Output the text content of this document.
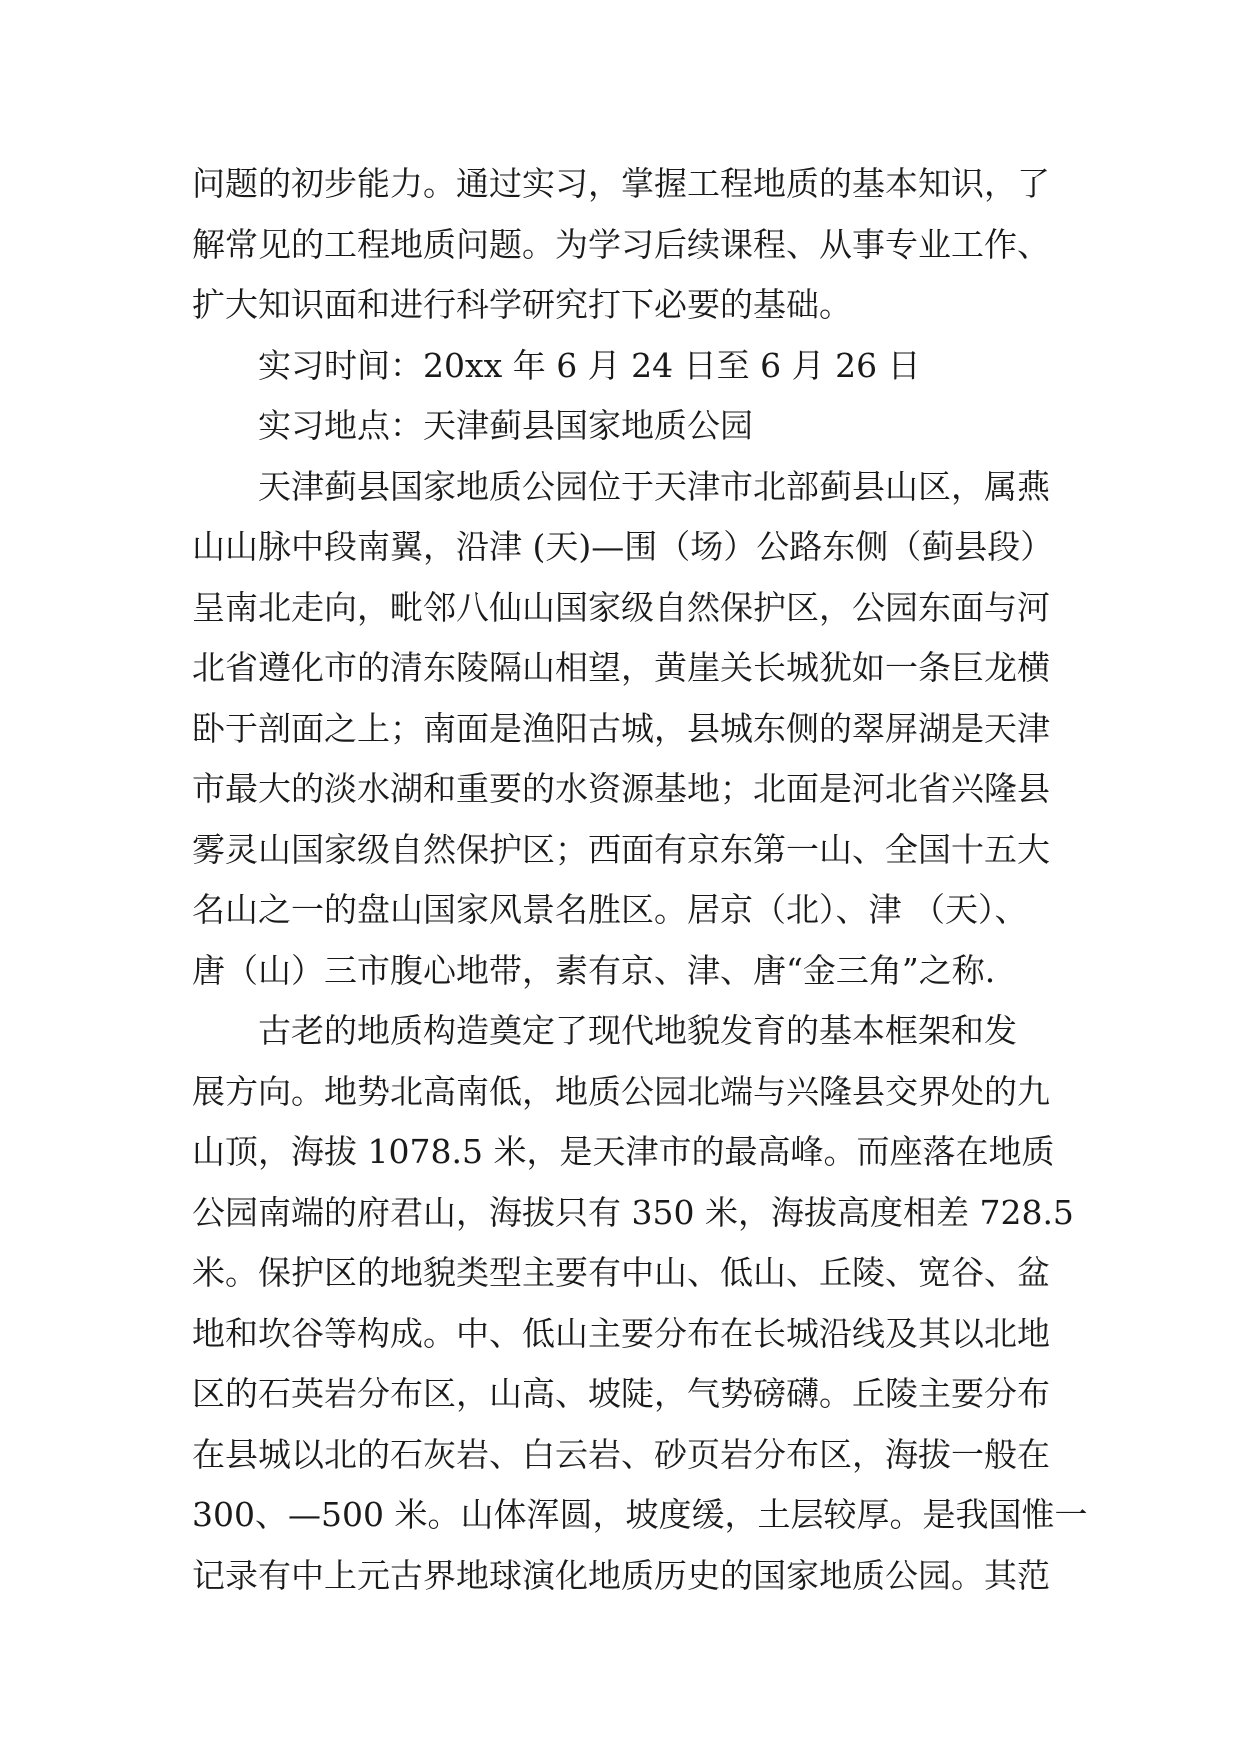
问题的初步能力。通过实习，掌握工程地质的基本知识，了
解常见的工程地质问题。为学习后续课程、从事专业工作、
扩大知识面和进行科学研究打下必要的基础。
实习时间：20xx 年 6 月 24 日至 6 月 26 日
实习地点：天津蓟县国家地质公园
天津蓟县国家地质公园位于天津市北部蓟县山区，属燕
山山脉中段南翼，沿津 (天)—围（场）公路东侧（蓟县段）
呈南北走向，毗邻八仙山国家级自然保护区，公园东面与河
北省遵化市的清东陵隔山相望，黄崖关长城犹如一条巨龙横
卧于剖面之上；南面是渔阳古城，县城东侧的翠屏湖是天津
市最大的淡水湖和重要的水资源基地；北面是河北省兴隆县
雾灵山国家级自然保护区；西面有京东第一山、全国十五大
名山之一的盘山国家风景名胜区。居京（北）、津 （天）、
唐（山）三市腹心地带，素有京、津、唐“金三角”之称.
古老的地质构造奠定了现代地貌发育的基本框架和发
展方向。地势北高南低，地质公园北端与兴隆县交界处的九
山顶，海拔 1078.5 米，是天津市的最高峰。而座落在地质
公园南端的府君山，海拔只有 350 米，海拔高度相差 728.5
米。保护区的地貌类型主要有中山、低山、丘陵、宽谷、盆
地和坎谷等构成。中、低山主要分布在长城沿线及其以北地
区的石英岩分布区，山高、坡陡，气势磅礴。丘陵主要分布
在县城以北的石灰岩、白云岩、砂页岩分布区，海拔一般在
300、—500 米。山体浑圆，坡度缓，土层较厚。是我国惟一
记录有中上元古界地球演化地质历史的国家地质公园。其范
